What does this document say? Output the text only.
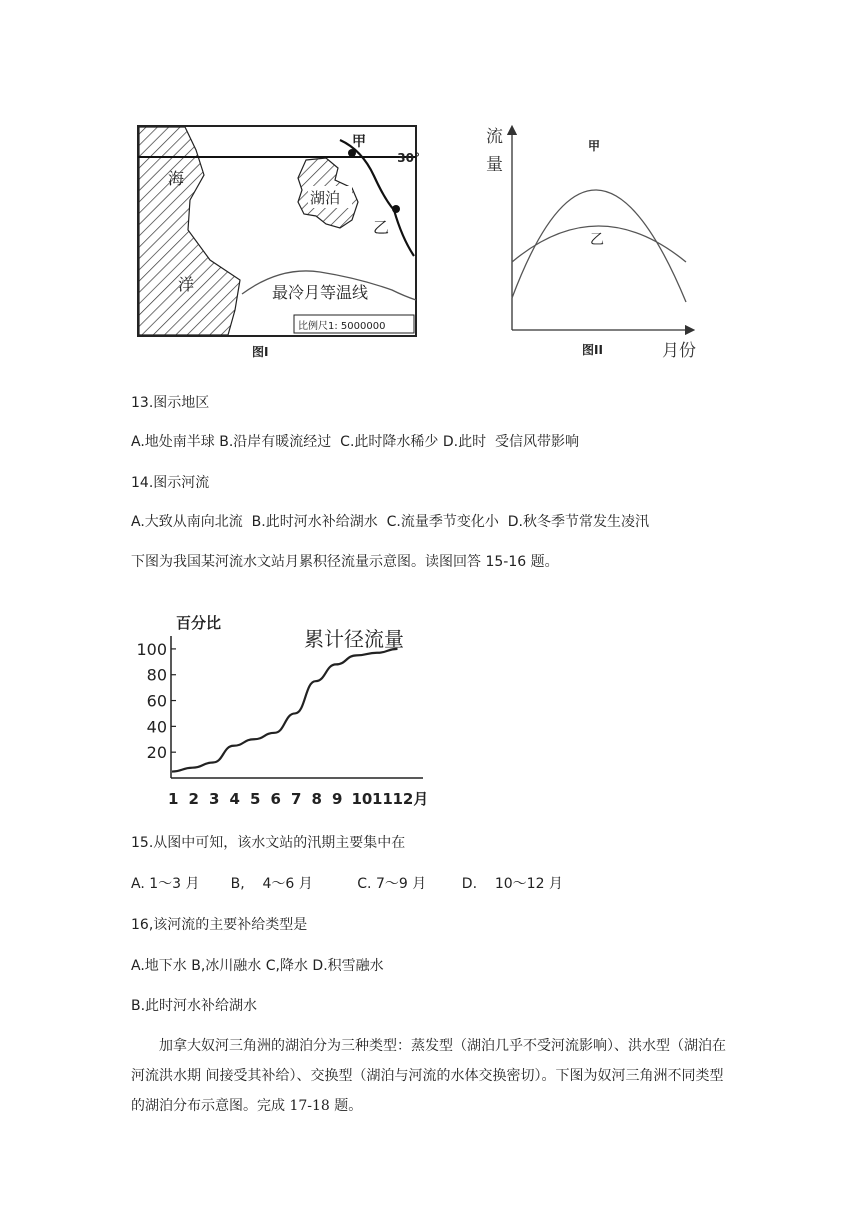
海
洋
湖泊
甲
乙
30°
最冷月等温线
比例尺1: 5000000
图I
流
量
甲
乙
图II	月份
13.图示地区
A.地处南半球 B.沿岸有暖流经过  C.此时降水稀少 D.此时  受信风带影响
14.图示河流
A.大致从南向北流  B.此时河水补给湖水  C.流量季节变化小  D.秋冬季节常发生凌汛
下图为我国某河流水文站月累积径流量示意图。读图回答 15-16 题。
百分比
累计径流量
20
40
60
80
100
1 2 3 4 5 6 7 8 9 10 11 12月
15.从图中可知，该水文站的汛期主要集中在
A. 1～3 月       B,    4～6 月          C. 7～9 月        D.    10～12 月
16,该河流的主要补给类型是
A.地下水 B,冰川融水 C,降水 D.积雪融水
B.此时河水补给湖水
加拿大奴河三角洲的湖泊分为三种类型：蒸发型（湖泊几乎不受河流影响）、洪水型（湖泊在河流洪水期 间接受其补给）、交换型（湖泊与河流的水体交换密切）。下图为奴河三角洲不同类型的湖泊分布示意图。完成 17-18 题。
